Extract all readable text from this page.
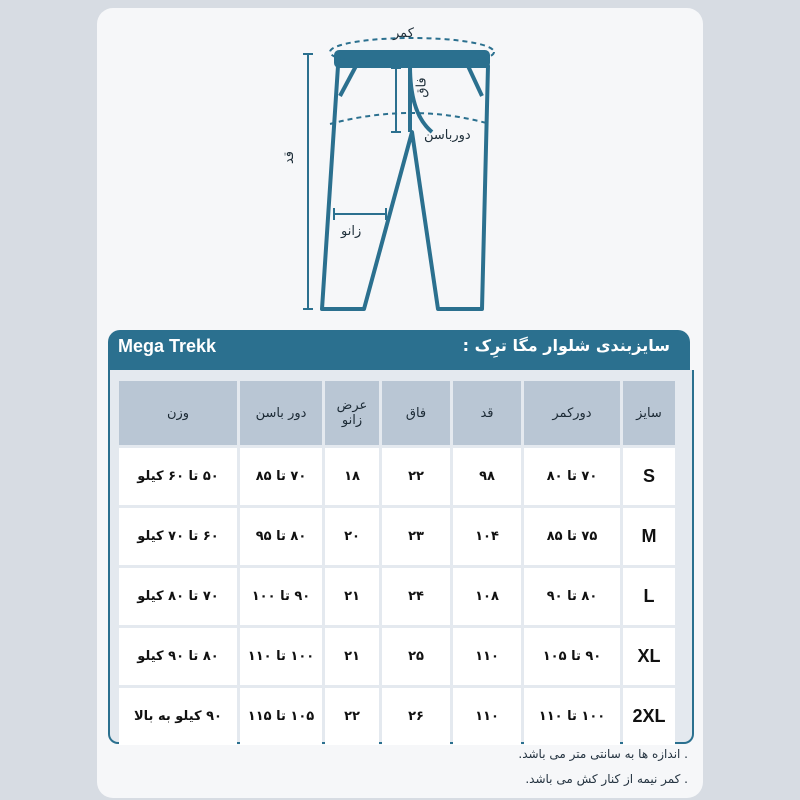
کمر
فاق
دورباسن
قد
زانو
Mega Trekk	سایزبندی شلوار مگا ترِک :
سایز	دورکمر	قد	فاق	عرض زانو	دور باسن	وزن
S	۷۰ تا ۸۰	۹۸	۲۲	۱۸	۷۰ تا ۸۵	۵۰ تا ۶۰ کیلو
M	۷۵ تا ۸۵	۱۰۴	۲۳	۲۰	۸۰ تا ۹۵	۶۰ تا ۷۰ کیلو
L	۸۰ تا ۹۰	۱۰۸	۲۴	۲۱	۹۰ تا ۱۰۰	۷۰ تا ۸۰ کیلو
XL	۹۰ تا ۱۰۵	۱۱۰	۲۵	۲۱	۱۰۰ تا ۱۱۰	۸۰ تا ۹۰ کیلو
2XL	۱۰۰ تا ۱۱۰	۱۱۰	۲۶	۲۲	۱۰۵ تا ۱۱۵	۹۰ کیلو به بالا
. اندازه ها به سانتی متر می باشد.
. کمر نیمه از کنار کش می باشد.
